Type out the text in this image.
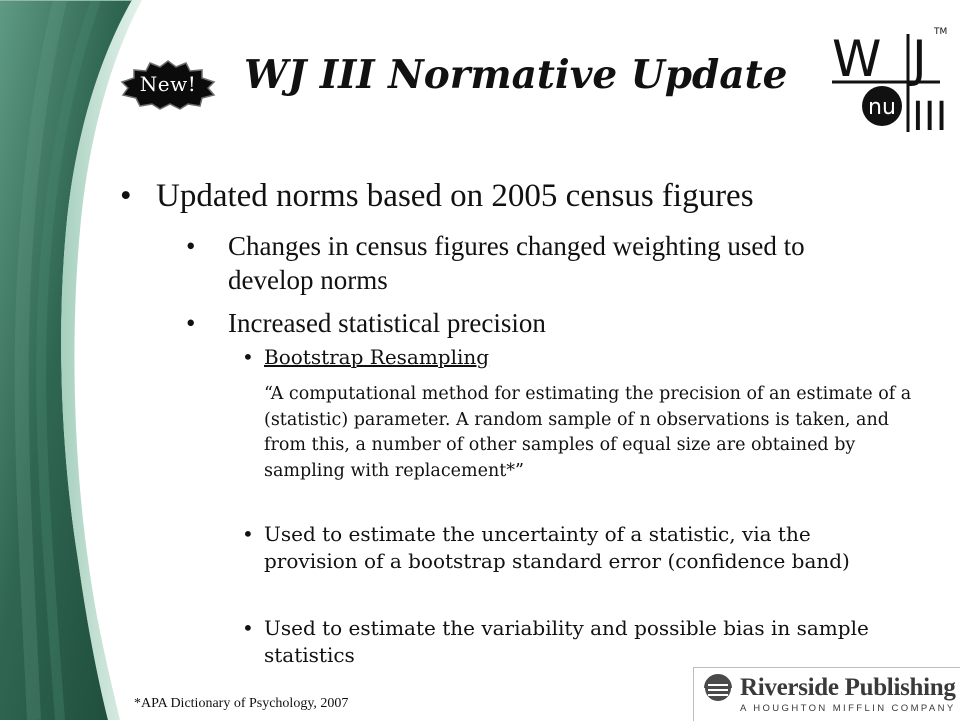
New!	WJ III Normative Update W J
nu III
TM
• Updated norms based on 2005 census figures
• Changes in census figures changed weighting used to develop norms
• Increased statistical precision
• Bootstrap Resampling
“A computational method for estimating the precision of an estimate of a (statistic) parameter. A random sample of n observations is taken, and from this, a number of other samples of equal size are obtained by sampling with replacement*”
• Used to estimate the uncertainty of a statistic, via the provision of a bootstrap standard error (confidence band)
• Used to estimate the variability and possible bias in sample statistics
*APA Dictionary of Psychology, 2007
Riverside Publishing
A HOUGHTON MIFFLIN COMPANY
